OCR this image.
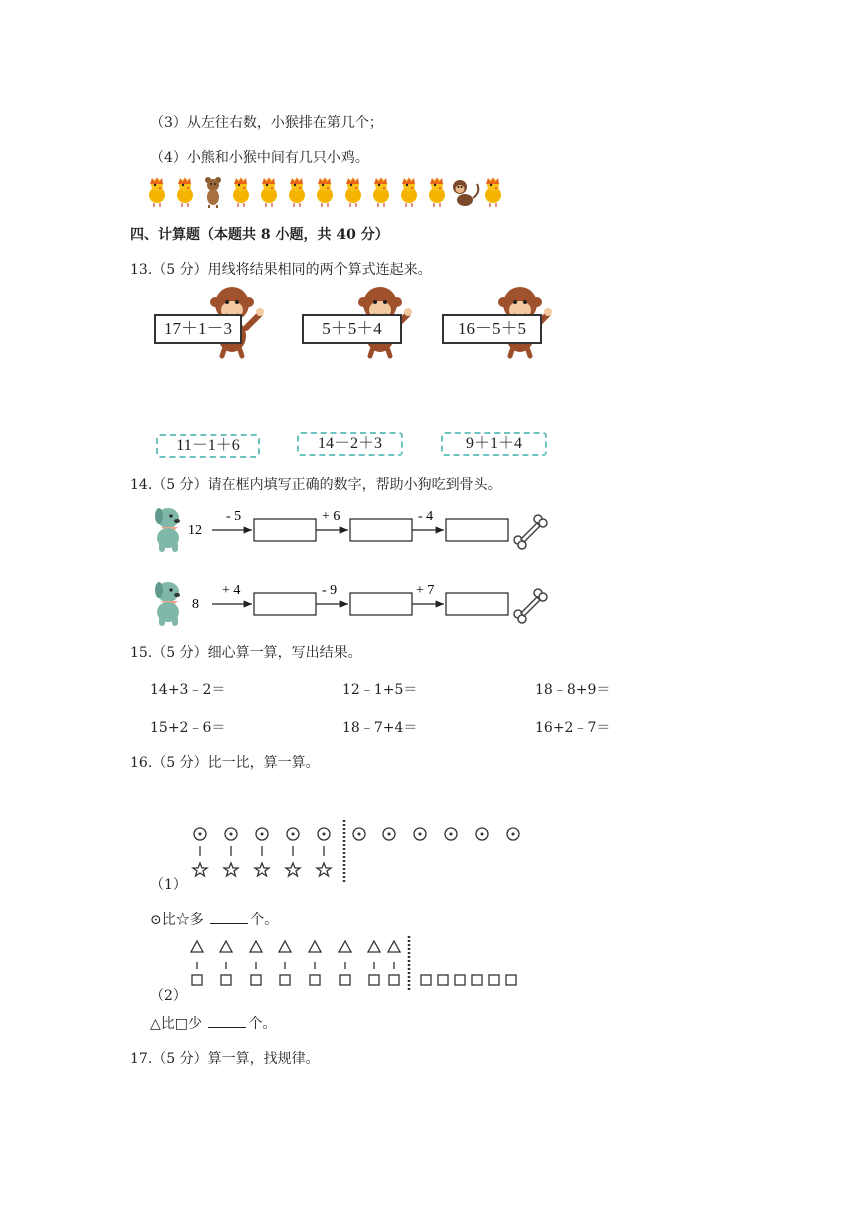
（3）从左往右数，小猴排在第几个；
（4）小熊和小猴中间有几只小鸡。
四、计算题（本题共 8 小题，共 40 分）
13.（5 分）用线将结果相同的两个算式连起来。
17＋1－3	5＋5＋4	16－5＋5
11－1＋6	14－2＋3	9＋1＋4
14.（5 分）请在框内填写正确的数字，帮助小狗吃到骨头。
12
- 5	+ 6	- 4
8
+ 4	- 9	+ 7
15.（5 分）细心算一算，写出结果。
14+3﹣2＝	12﹣1+5＝	18﹣8+9＝
15+2﹣6＝	18﹣7+4＝	16+2﹣7＝
16.（5 分）比一比，算一算。
（1）
⊙比☆多	个。
（2）
△比□少	个。
17.（5 分）算一算，找规律。
